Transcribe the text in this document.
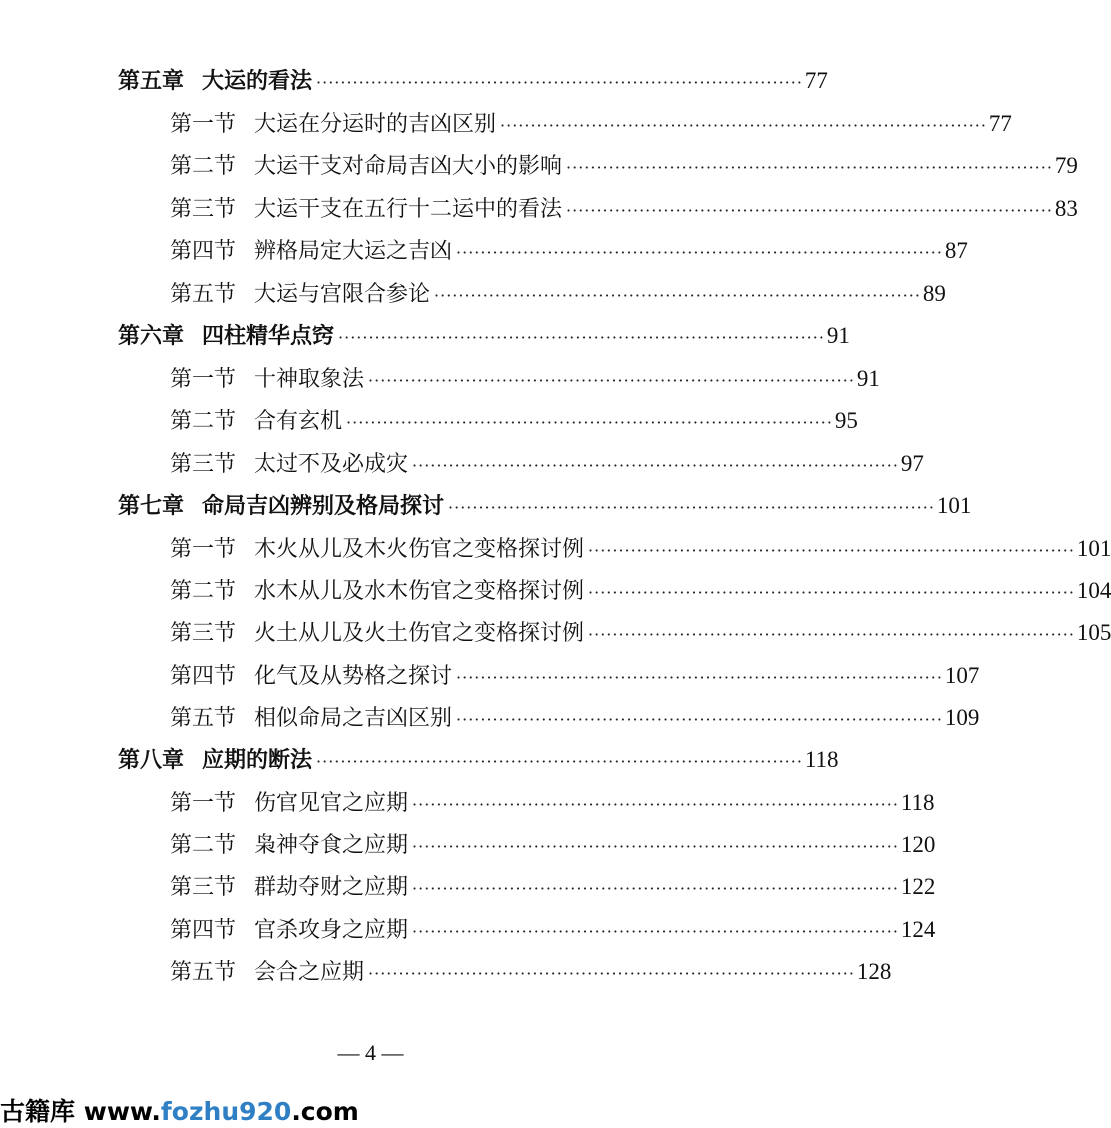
第五章 大运的看法 ················································································ 77
第一节 大运在分运时的吉凶区别 ················································································ 77
第二节 大运干支对命局吉凶大小的影响 ················································································ 79
第三节 大运干支在五行十二运中的看法 ················································································ 83
第四节 辨格局定大运之吉凶 ················································································ 87
第五节 大运与宫限合参论 ················································································ 89
第六章 四柱精华点窍 ················································································ 91
第一节 十神取象法 ················································································ 91
第二节 合有玄机 ················································································ 95
第三节 太过不及必成灾 ················································································ 97
第七章 命局吉凶辨别及格局探讨 ················································································ 101
第一节 木火从儿及木火伤官之变格探讨例 ················································································ 101
第二节 水木从儿及水木伤官之变格探讨例 ················································································ 104
第三节 火土从儿及火土伤官之变格探讨例 ················································································ 105
第四节 化气及从势格之探讨 ················································································ 107
第五节 相似命局之吉凶区别 ················································································ 109
第八章 应期的断法 ················································································ 118
第一节 伤官见官之应期 ················································································ 118
第二节 枭神夺食之应期 ················································································ 120
第三节 群劫夺财之应期 ················································································ 122
第四节 官杀攻身之应期 ················································································ 124
第五节 会合之应期 ················································································ 128
— 4 —
古籍库 www.fozhu920.com
